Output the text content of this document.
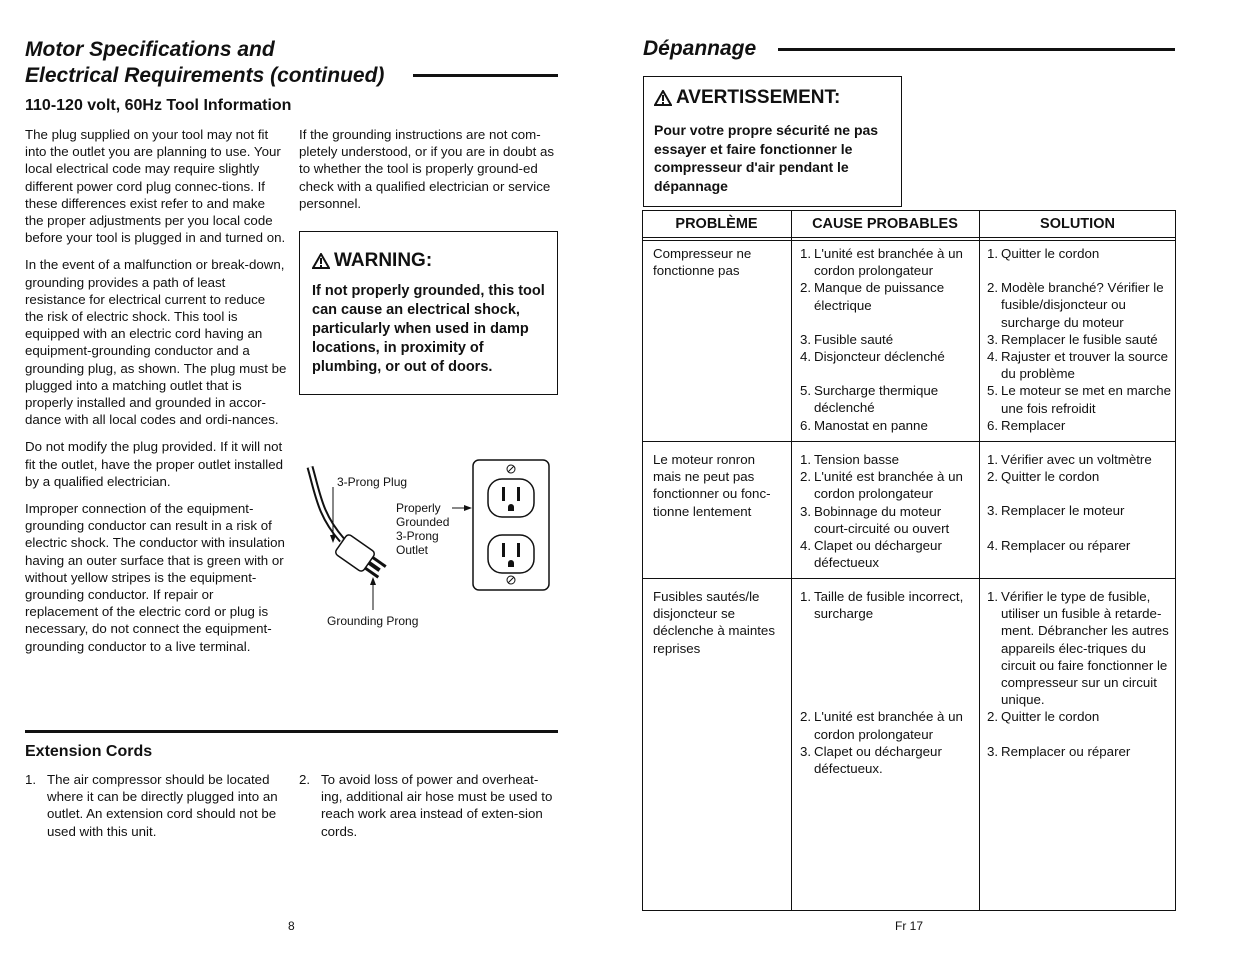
Motor Specifications and
Electrical Requirements (continued)
110-120 volt, 60Hz Tool Information

The plug supplied on your tool may not fit into the outlet you are planning to use. Your local electrical code may require slightly different power cord plug connec-tions. If these differences exist refer to and make the proper adjustments per you local code before your tool is plugged in and turned on.

In the event of a malfunction or break-down, grounding provides a path of least resistance for electrical current to reduce the risk of electric shock. This tool is equipped with an electric cord having an equipment-grounding conductor and a grounding plug, as shown. The plug must be plugged into a matching outlet that is properly installed and grounded in accor-dance with all local codes and ordi-nances.

Do not modify the plug provided. If it will not fit the outlet, have the proper outlet installed by a qualified electrician.

Improper connection of the equipment-grounding conductor can result in a risk of electric shock. The conductor with insulation having an outer surface that is green with or without yellow stripes is the equipment-grounding conductor. If repair or replacement of the electric cord or plug is necessary, do not connect the equipment-grounding conductor to a live terminal.

If the grounding instructions are not com-pletely understood, or if you are in doubt as to whether the tool is properly ground-ed check with a qualified electrician or service personnel.

WARNING:
If not properly grounded, this tool can cause an electrical shock, particularly when used in damp locations, in proximity of plumbing, or out of doors.
3-Prong Plug
Properly
Grounded
3-Prong
Outlet
Grounding Prong
Extension Cords
1. The air compressor should be located where it can be directly plugged into an outlet. An extension cord should not be used with this unit.
2. To avoid loss of power and overheat-ing, additional air hose must be used to reach work area instead of exten-sion cords.
8
Dépannage
AVERTISSEMENT:
Pour votre propre sécurité ne pas essayer et faire fonctionner le compresseur d'air pendant le dépannage
PROBLÈME	CAUSE PROBABLES	SOLUTION
Compresseur ne fonctionne pas
1. L'unité est branchée à un cordon prolongateur
2. Manque de puissance électrique
3. Fusible sauté
4. Disjoncteur déclenché
5. Surcharge thermique déclenché
6. Manostat en panne
1. Quitter le cordon
2. Modèle branché? Vérifier le fusible/disjoncteur ou surcharge du moteur
3. Remplacer le fusible sauté
4. Rajuster et trouver la source du problème
5. Le moteur se met en marche une fois refroidit
6. Remplacer
Le moteur ronron mais ne peut pas fonctionner ou fonc-tionne lentement
1. Tension basse
2. L'unité est branchée à un cordon prolongateur
3. Bobinnage du moteur court-circuité ou ouvert
4. Clapet ou déchargeur défectueux
1. Vérifier avec un voltmètre
2. Quitter le cordon
3. Remplacer le moteur
4. Remplacer ou réparer
Fusibles sautés/le disjoncteur se déclenche à maintes reprises
1. Taille de fusible incorrect, surcharge
2. L'unité est branchée à un cordon prolongateur
3. Clapet ou déchargeur défectueux.
1. Vérifier le type de fusible, utiliser un fusible à retarde-ment. Débrancher les autres appareils élec-triques du circuit ou faire fonctionner le compresseur sur un circuit unique.
2. Quitter le cordon
3. Remplacer ou réparer
Fr 17
